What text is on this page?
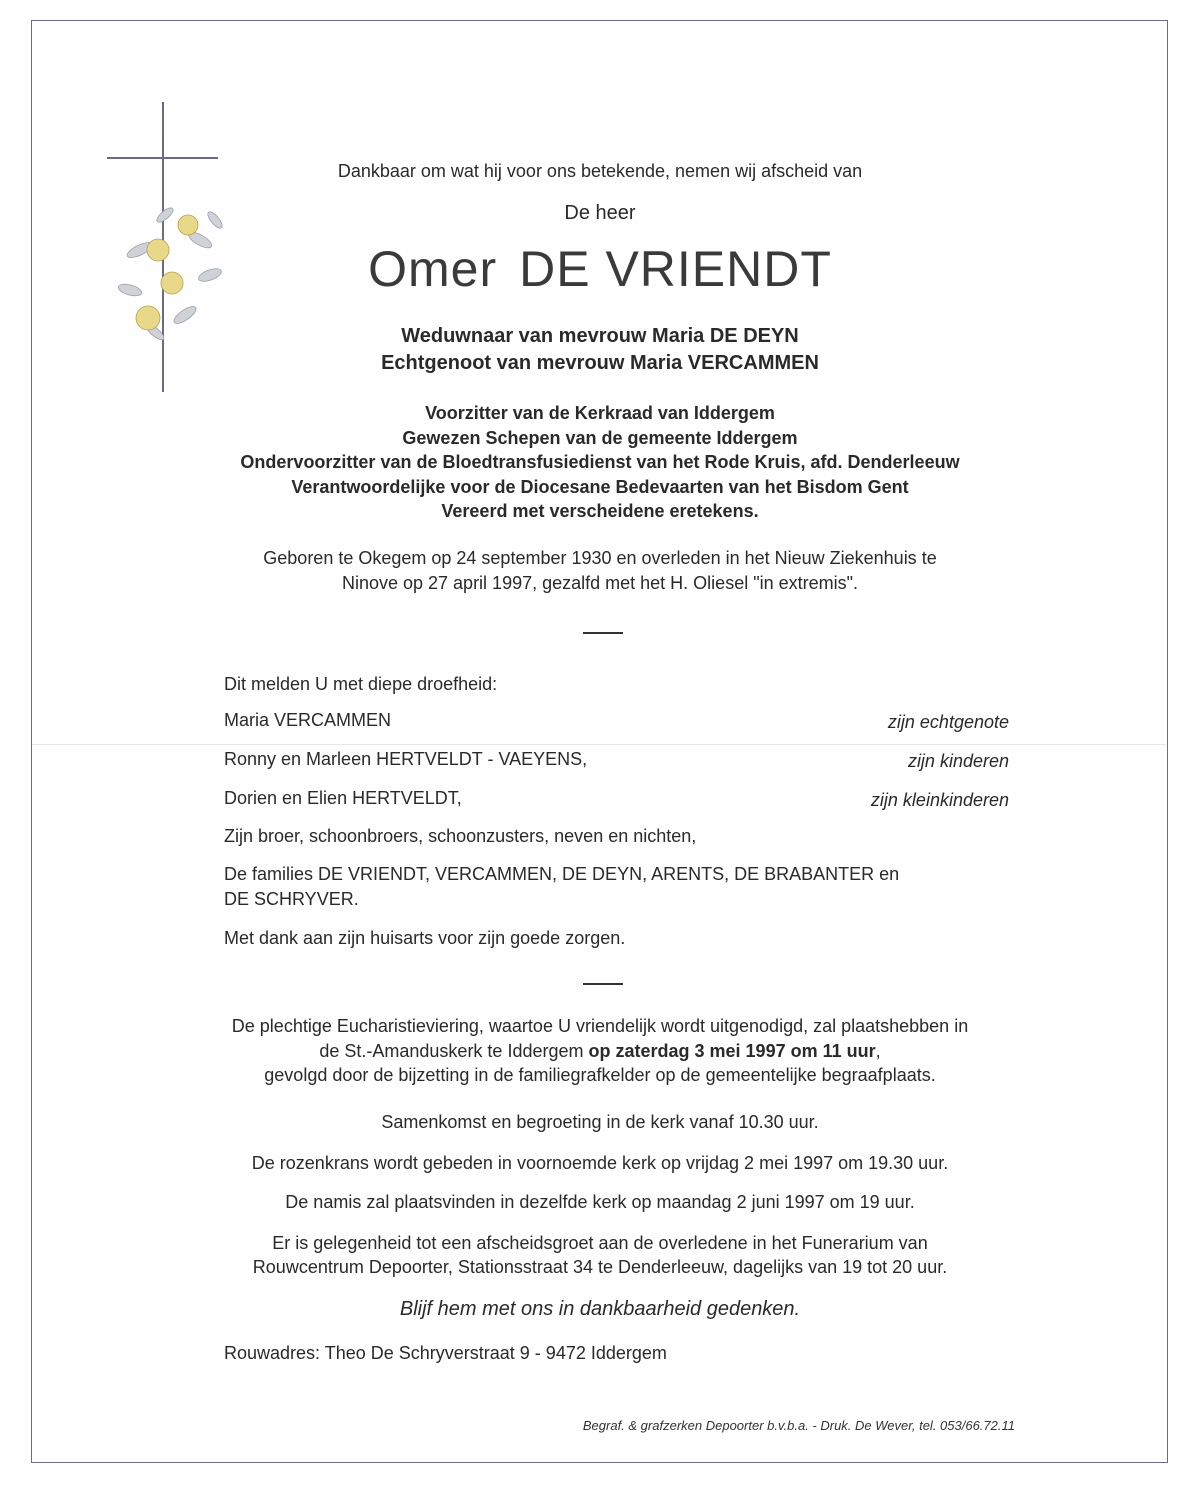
Dankbaar om wat hij voor ons betekende, nemen wij afscheid van
De heer
Omer DE VRIENDT
Weduwnaar van mevrouw Maria DE DEYN
Echtgenoot van mevrouw Maria VERCAMMEN
Voorzitter van de Kerkraad van Iddergem
Gewezen Schepen van de gemeente Iddergem
Ondervoorzitter van de Bloedtransfusiedienst van het Rode Kruis, afd. Denderleeuw
Verantwoordelijke voor de Diocesane Bedevaarten van het Bisdom Gent
Vereerd met verscheidene eretekens.
Geboren te Okegem op 24 september 1930 en overleden in het Nieuw Ziekenhuis te
Ninove op 27 april 1997, gezalfd met het H. Oliesel "in extremis".
Dit melden U met diepe droefheid:
Maria VERCAMMEN	zijn echtgenote
Ronny en Marleen HERTVELDT - VAEYENS,	zijn kinderen
Dorien en Elien HERTVELDT,	zijn kleinkinderen
Zijn broer, schoonbroers, schoonzusters, neven en nichten,
De families DE VRIENDT, VERCAMMEN, DE DEYN, ARENTS, DE BRABANTER en
DE SCHRYVER.
Met dank aan zijn huisarts voor zijn goede zorgen.
De plechtige Eucharistieviering, waartoe U vriendelijk wordt uitgenodigd, zal plaatshebben in
de St.-Amanduskerk te Iddergem op zaterdag 3 mei 1997 om 11 uur,
gevolgd door de bijzetting in de familiegrafkelder op de gemeentelijke begraafplaats.
Samenkomst en begroeting in de kerk vanaf 10.30 uur.
De rozenkrans wordt gebeden in voornoemde kerk op vrijdag 2 mei 1997 om 19.30 uur.
De namis zal plaatsvinden in dezelfde kerk op maandag 2 juni 1997 om 19 uur.
Er is gelegenheid tot een afscheidsgroet aan de overledene in het Funerarium van
Rouwcentrum Depoorter, Stationsstraat 34 te Denderleeuw, dagelijks van 19 tot 20 uur.
Blijf hem met ons in dankbaarheid gedenken.
Rouwadres: Theo De Schryverstraat 9 - 9472 Iddergem
Begraf. & grafzerken Depoorter b.v.b.a. - Druk. De Wever, tel. 053/66.72.11
